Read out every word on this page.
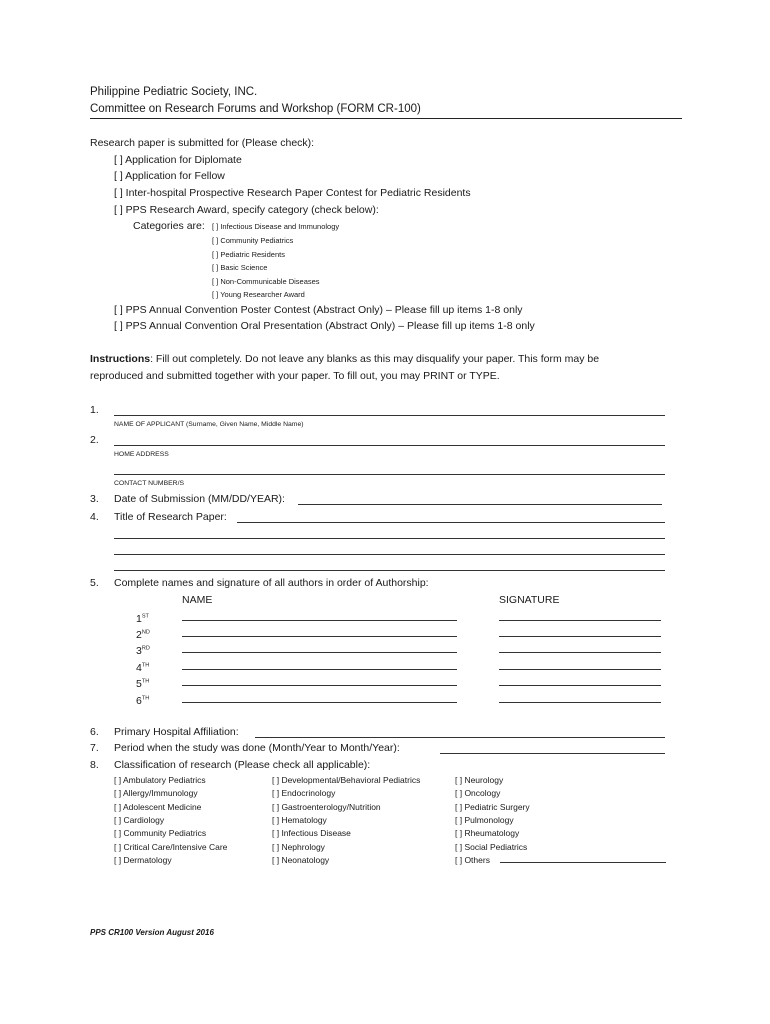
Philippine Pediatric Society, INC.
Committee on Research Forums and Workshop (FORM CR-100)
Research paper is submitted for (Please check):
[ ] Application for Diplomate
[ ] Application for Fellow
[ ] Inter-hospital Prospective Research Paper Contest for Pediatric Residents
[ ] PPS Research Award, specify category (check below):
Categories are: [ ] Infectious Disease and Immunology
[ ] Community Pediatrics
[ ] Pediatric Residents
[ ] Basic Science
[ ] Non-Communicable Diseases
[ ] Young Researcher Award
[ ] PPS Annual Convention Poster Contest (Abstract Only) – Please fill up items 1-8 only
[ ] PPS Annual Convention Oral Presentation (Abstract Only) – Please fill up items 1-8 only
Instructions: Fill out completely. Do not leave any blanks as this may disqualify your paper. This form may be
reproduced and submitted together with your paper. To fill out, you may PRINT or TYPE.
1.
NAME OF APPLICANT (Surname, Given Name, Middle Name)
2.
HOME ADDRESS
CONTACT NUMBER/S
3. Date of Submission (MM/DD/YEAR):
4. Title of Research Paper:
5. Complete names and signature of all authors in order of Authorship:
NAME	SIGNATURE
1ST
2ND
3RD
4TH
5TH
6TH
6. Primary Hospital Affiliation:
7. Period when the study was done (Month/Year to Month/Year):
8. Classification of research (Please check all applicable):
[ ] Ambulatory Pediatrics
[ ] Allergy/Immunology
[ ] Adolescent Medicine
[ ] Cardiology
[ ] Community Pediatrics
[ ] Critical Care/Intensive Care
[ ] Dermatology
[ ] Developmental/Behavioral Pediatrics
[ ] Endocrinology
[ ] Gastroenterology/Nutrition
[ ] Hematology
[ ] Infectious Disease
[ ] Nephrology
[ ] Neonatology
[ ] Neurology
[ ] Oncology
[ ] Pediatric Surgery
[ ] Pulmonology
[ ] Rheumatology
[ ] Social Pediatrics
[ ] Others
PPS CR100 Version August 2016
